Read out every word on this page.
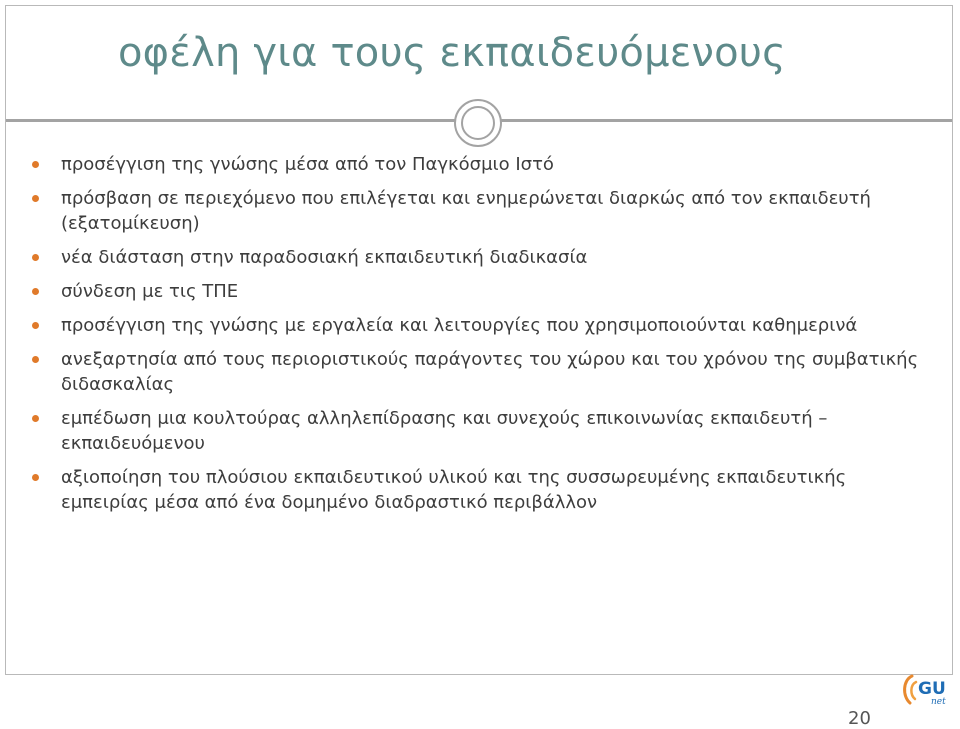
οφέλη για τους εκπαιδευόμενους
προσέγγιση της γνώσης μέσα από τον Παγκόσμιο Ιστό
πρόσβαση σε περιεχόμενο που επιλέγεται και ενημερώνεται διαρκώς από τον εκπαιδευτή (εξατομίκευση)
νέα διάσταση στην παραδοσιακή εκπαιδευτική διαδικασία
σύνδεση με τις ΤΠΕ
προσέγγιση της γνώσης με εργαλεία και λειτουργίες που χρησιμοποιούνται καθημερινά
ανεξαρτησία από τους περιοριστικούς παράγοντες του χώρου και του χρόνου της συμβατικής διδασκαλίας
εμπέδωση μια κουλτούρας αλληλεπίδρασης και συνεχούς επικοινωνίας εκπαιδευτή – εκπαιδευόμενου
αξιοποίηση του πλούσιου εκπαιδευτικού υλικού και της συσσωρευμένης εκπαιδευτικής εμπειρίας μέσα από ένα δομημένο διαδραστικό περιβάλλον
GU
net
20
